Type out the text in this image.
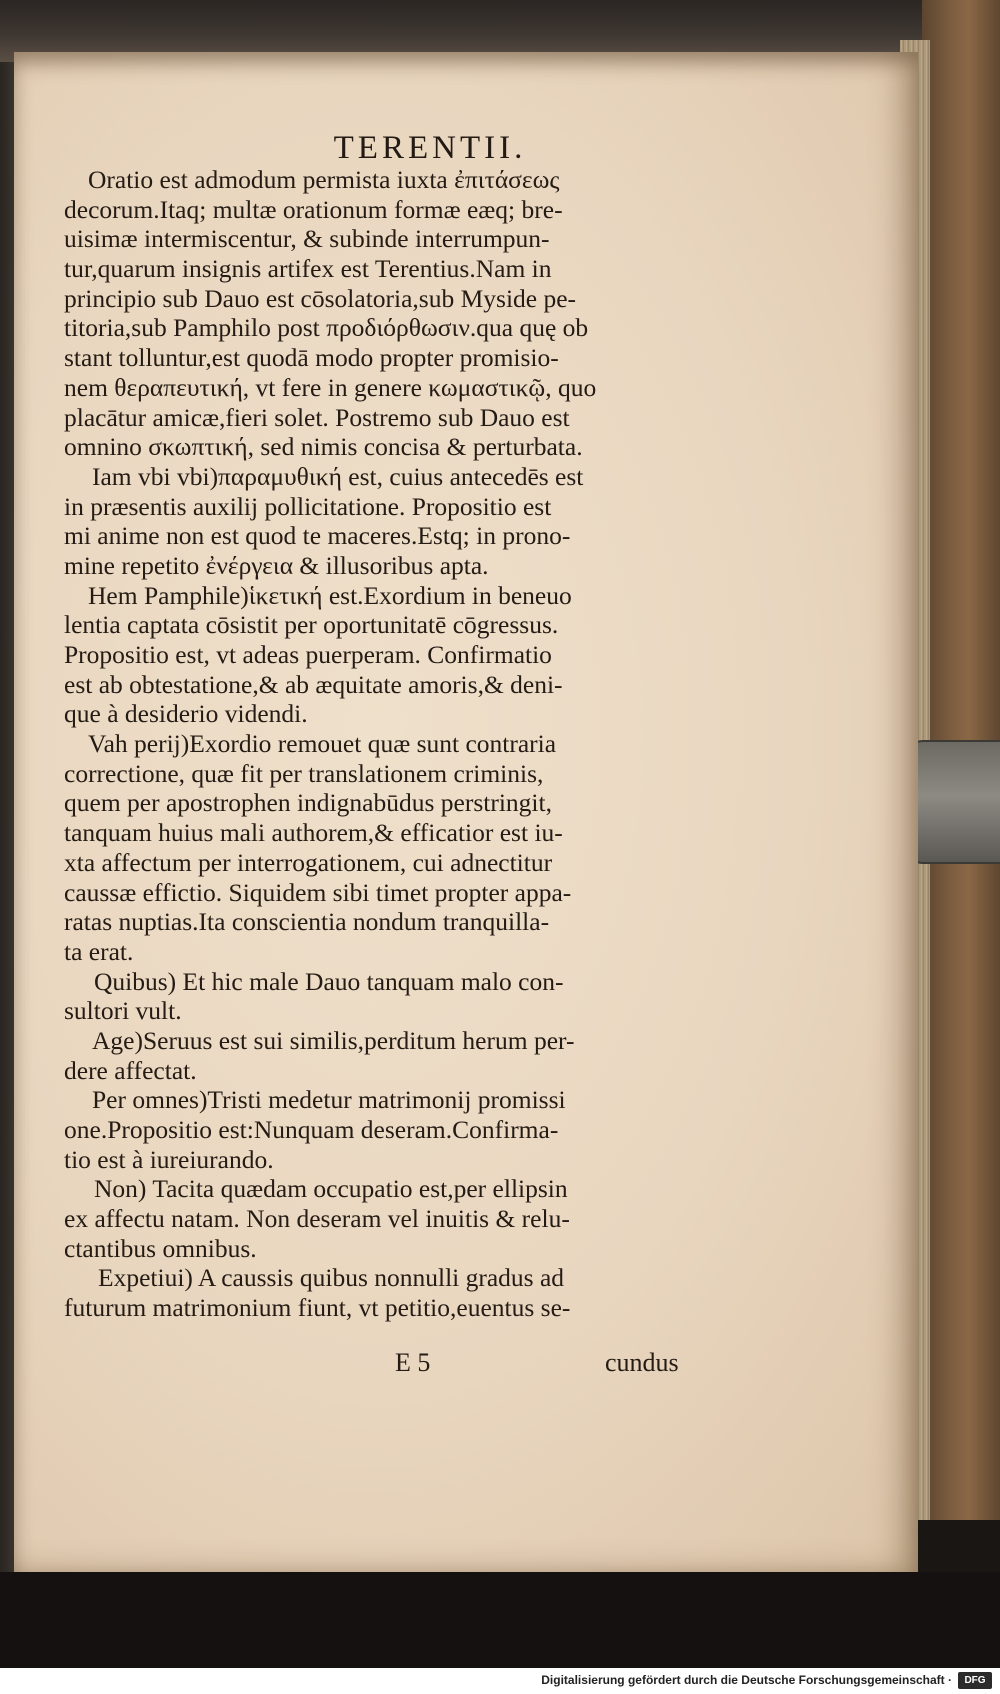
TERENTII.
Oratio est admodum permista iuxta ἐπιτάσεως
decorum.Itaq; multæ orationum formæ eæq; bre-
uisimæ intermiscentur, & subinde interrumpun-
tur,quarum insignis artifex est Terentius.Nam in
principio sub Dauo est cōsolatoria,sub Myside pe-
titoria,sub Pamphilo post προδιόρθωσιν.qua quę ob
stant tolluntur,est quodā modo propter promisio-
nem θεραπευτική, vt fere in genere κωμαστικῷ, quo
placātur amicæ,fieri solet. Postremo sub Dauo est
omnino σκωπτική, sed nimis concisa & perturbata.
Iam vbi vbi)παραμυθική est, cuius antecedēs est
in præsentis auxilij pollicitatione. Propositio est
mi anime non est quod te maceres.Estq; in prono-
mine repetito ἐνέργεια & illusoribus apta.
Hem Pamphile)ἱκετική est.Exordium in beneuo
lentia captata cōsistit per oportunitatē cōgressus.
Propositio est, vt adeas puerperam. Confirmatio
est ab obtestatione,& ab æquitate amoris,& deni-
que à desiderio videndi.
Vah perij)Exordio remouet quæ sunt contraria
correctione, quæ fit per translationem criminis,
quem per apostrophen indignabūdus perstringit,
tanquam huius mali authorem,& efficatior est iu-
xta affectum per interrogationem, cui adnectitur
caussæ effictio. Siquidem sibi timet propter appa-
ratas nuptias.Ita conscientia nondum tranquilla-
ta erat.
Quibus) Et hic male Dauo tanquam malo con-
sultori vult.
Age)Seruus est sui similis,perditum herum per-
dere affectat.
Per omnes)Tristi medetur matrimonij promissi
one.Propositio est:Nunquam deseram.Confirma-
tio est à iureiurando.
Non) Tacita quædam occupatio est,per ellipsin
ex affectu natam. Non deseram vel inuitis & relu-
ctantibus omnibus.
Expetiui) A caussis quibus nonnulli gradus ad
futurum matrimonium fiunt, vt petitio,euentus se-
E 5	cundus
Digitalisierung gefördert durch die Deutsche Forschungsgemeinschaft ·	DFG
